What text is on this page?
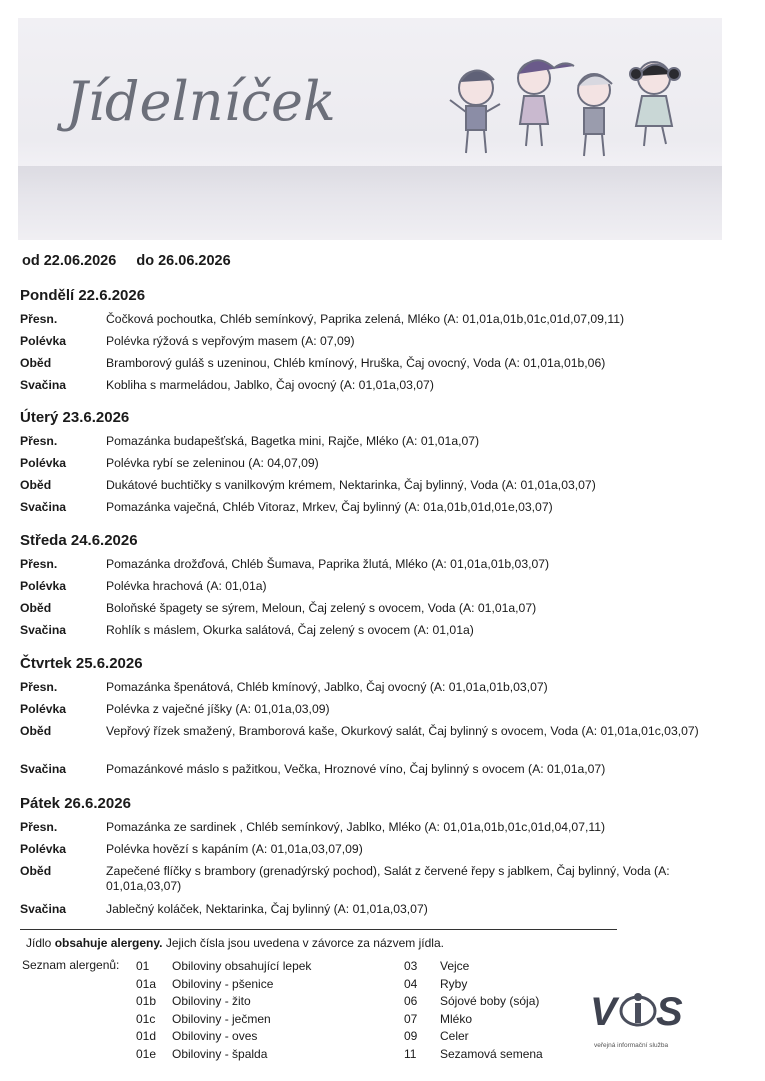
Jídelníček
od 22.06.2026 do 26.06.2026
Pondělí 22.6.2026
Přesn.	Čočková pochoutka, Chléb semínkový, Paprika zelená, Mléko (A: 01,01a,01b,01c,01d,07,09,11)
Polévka	Polévka rýžová s vepřovým masem (A: 07,09)
Oběd	Bramborový guláš s uzeninou, Chléb kmínový, Hruška, Čaj ovocný, Voda (A: 01,01a,01b,06)
Svačina	Kobliha s marmeládou, Jablko, Čaj ovocný (A: 01,01a,03,07)
Úterý 23.6.2026
Přesn.	Pomazánka budapešťská, Bagetka mini, Rajče, Mléko (A: 01,01a,07)
Polévka	Polévka rybí se zeleninou (A: 04,07,09)
Oběd	Dukátové buchtičky s vanilkovým krémem, Nektarinka, Čaj bylinný, Voda (A: 01,01a,03,07)
Svačina	Pomazánka vaječná, Chléb Vitoraz, Mrkev, Čaj bylinný (A: 01a,01b,01d,01e,03,07)
Středa 24.6.2026
Přesn.	Pomazánka drožďová, Chléb Šumava, Paprika žlutá, Mléko (A: 01,01a,01b,03,07)
Polévka	Polévka hrachová (A: 01,01a)
Oběd	Boloňské špagety se sýrem, Meloun, Čaj zelený s ovocem, Voda (A: 01,01a,07)
Svačina	Rohlík s máslem, Okurka salátová, Čaj zelený s ovocem (A: 01,01a)
Čtvrtek 25.6.2026
Přesn.	Pomazánka špenátová, Chléb kmínový, Jablko, Čaj ovocný (A: 01,01a,01b,03,07)
Polévka	Polévka z vaječné jíšky (A: 01,01a,03,09)
Oběd	Vepřový řízek smažený, Bramborová kaše, Okurkový salát, Čaj bylinný s ovocem, Voda (A: 01,01a,01c,03,07)
Svačina	Pomazánkové máslo s pažitkou, Večka, Hroznové víno, Čaj bylinný s ovocem (A: 01,01a,07)
Pátek 26.6.2026
Přesn.	Pomazánka ze sardinek , Chléb semínkový, Jablko, Mléko (A: 01,01a,01b,01c,01d,04,07,11)
Polévka	Polévka hovězí s kapáním (A: 01,01a,03,07,09)
Oběd	Zapečené flíčky s brambory (grenadýrský pochod), Salát z červené řepy s jablkem, Čaj bylinný, Voda (A: 01,01a,03,07)
Svačina	Jablečný koláček, Nektarinka, Čaj bylinný (A: 01,01a,03,07)
Jídlo obsahuje alergeny. Jejich čísla jsou uvedena v závorce za názvem jídla.
Seznam alergenů: 01	Obiloviny obsahující lepek
01a	Obiloviny - pšenice
01b	Obiloviny - žito
01c	Obiloviny - ječmen
01d	Obiloviny - oves
01e	Obiloviny - špalda
03	Vejce
04	Ryby
06	Sójové boby (sója)
07	Mléko
09	Celer
11	Sezamová semena
V S
veřejná informační služba
